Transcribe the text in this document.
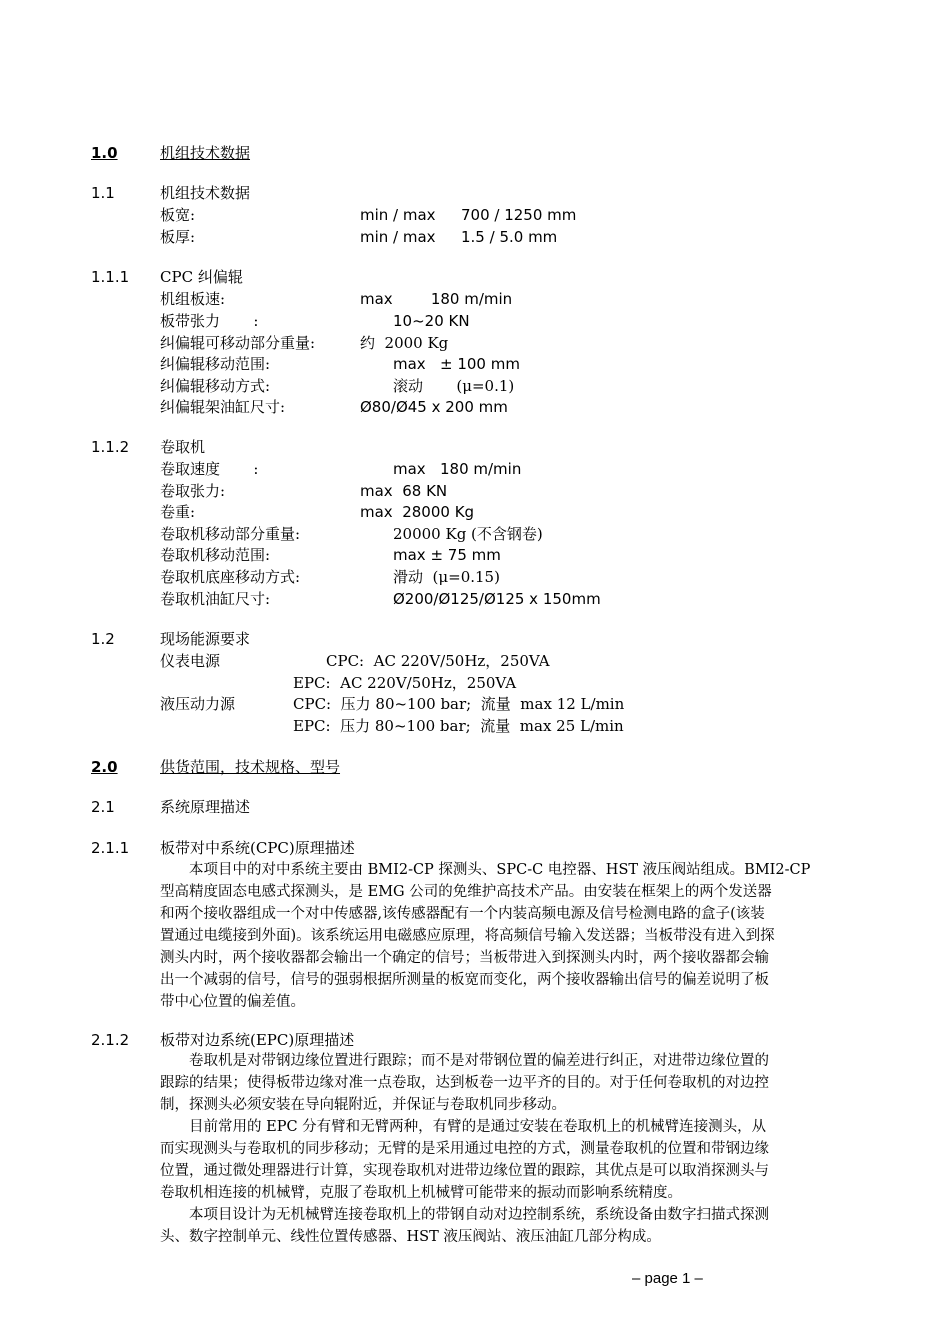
1.0	机组技术数据
1.1	机组技术数据
板宽:	min / max 700 / 1250 mm
板厚:	min / max 1.5 / 5.0 mm
1.1.1 CPC 纠偏辊
机组板速:	max        180 m/min
板带张力       :	10~20 KN
纠偏辊可移动部分重量:	约  2000 Kg
纠偏辊移动范围:	max   ± 100 mm
纠偏辊移动方式:	滚动       (μ=0.1)
纠偏辊架油缸尺寸:	Ø80/Ø45 x 200 mm
1.1.2 卷取机
卷取速度       :	max   180 m/min
卷取张力:	max  68 KN
卷重:	max  28000 Kg
卷取机移动部分重量:	20000 Kg (不含钢卷)
卷取机移动范围:	max ± 75 mm
卷取机底座移动方式:	滑动  (μ=0.15)
卷取机油缸尺寸:	Ø200/Ø125/Ø125 x 150mm
1.2	现场能源要求
仪表电源	CPC:  AC 220V/50Hz，250VA
EPC:  AC 220V/50Hz，250VA
液压动力源	CPC:  压力 80~100 bar;  流量  max 12 L/min
EPC:  压力 80~100 bar;  流量  max 25 L/min
2.0	供货范围，技术规格、型号
2.1	系统原理描述
2.1.1 板带对中系统(CPC)原理描述
　　本项目中的对中系统主要由 BMI2-CP 探测头、SPC-C 电控器、HST 液压阀站组成。BMI2-CP
型高精度固态电感式探测头，是 EMG 公司的免维护高技术产品。由安装在框架上的两个发送器
和两个接收器组成一个对中传感器,该传感器配有一个内装高频电源及信号检测电路的盒子(该装
置通过电缆接到外面)。该系统运用电磁感应原理，将高频信号输入发送器；当板带没有进入到探
测头内时，两个接收器都会输出一个确定的信号；当板带进入到探测头内时，两个接收器都会输
出一个减弱的信号，信号的强弱根据所测量的板宽而变化，两个接收器输出信号的偏差说明了板
带中心位置的偏差值。
2.1.2 板带对边系统(EPC)原理描述
　　卷取机是对带钢边缘位置进行跟踪；而不是对带钢位置的偏差进行纠正，对进带边缘位置的
跟踪的结果；使得板带边缘对准一点卷取，达到板卷一边平齐的目的。对于任何卷取机的对边控
制，探测头必须安装在导向辊附近，并保证与卷取机同步移动。
　　目前常用的 EPC 分有臂和无臂两种，有臂的是通过安装在卷取机上的机械臂连接测头，从
而实现测头与卷取机的同步移动；无臂的是采用通过电控的方式，测量卷取机的位置和带钢边缘
位置，通过微处理器进行计算，实现卷取机对进带边缘位置的跟踪，其优点是可以取消探测头与
卷取机相连接的机械臂，克服了卷取机上机械臂可能带来的振动而影响系统精度。
　　本项目设计为无机械臂连接卷取机上的带钢自动对边控制系统，系统设备由数字扫描式探测
头、数字控制单元、线性位置传感器、HST 液压阀站、液压油缸几部分构成。
– page 1 –
